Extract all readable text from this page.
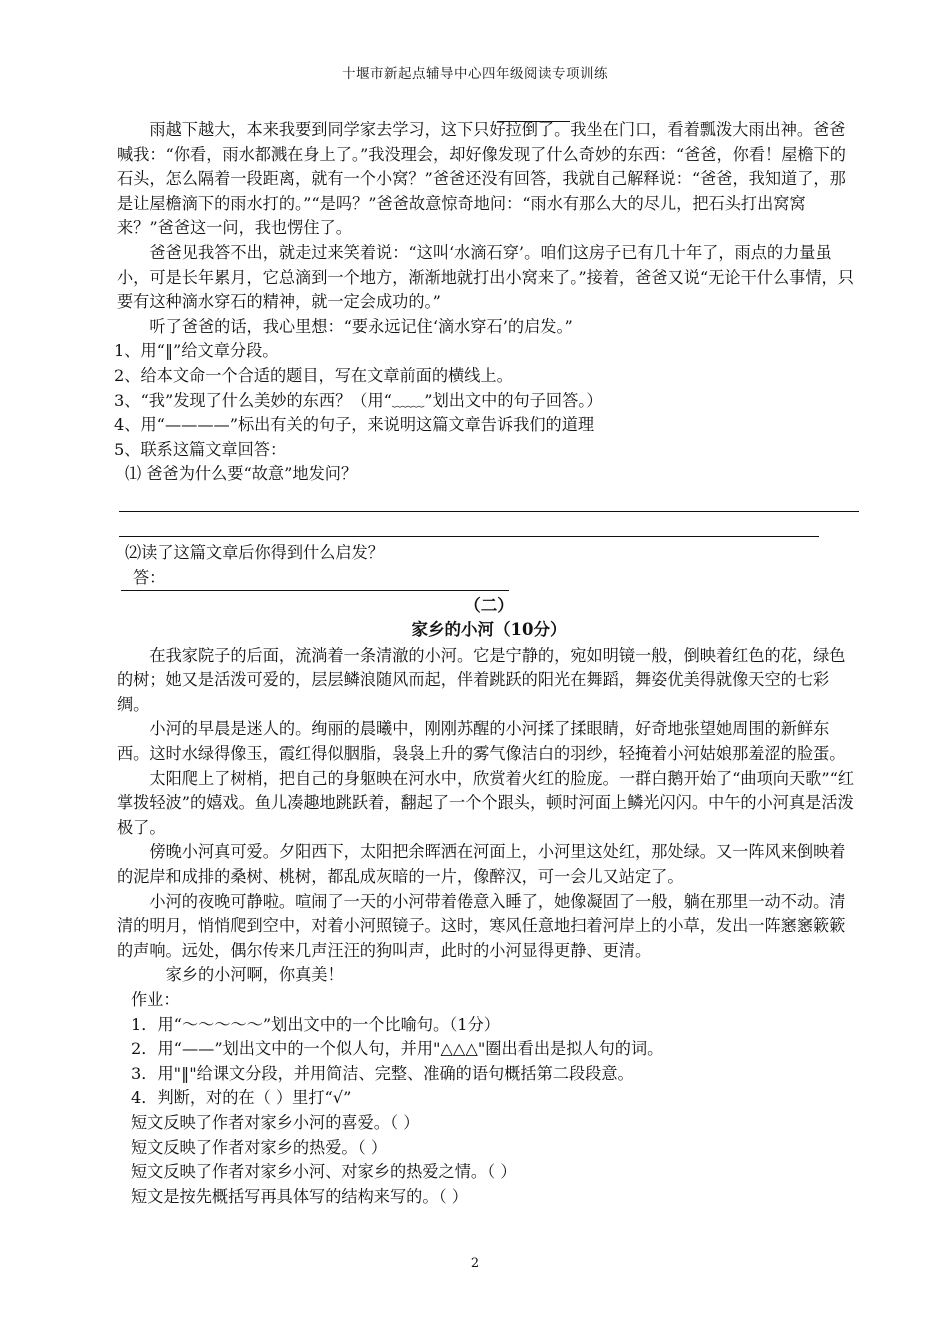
十堰市新起点辅导中心四年级阅读专项训练

雨越下越大，本来我要到同学家去学习，这下只好拉倒了。我坐在门口，看着瓢泼大雨出神。爸爸喊我：“你看，雨水都溅在身上了。”我没理会，却好像发现了什么奇妙的东西：“爸爸，你看！屋檐下的石头，怎么隔着一段距离，就有一个小窝？”爸爸还没有回答，我就自己解释说：“爸爸，我知道了，那是让屋檐滴下的雨水打的。”“是吗？”爸爸故意惊奇地问：“雨水有那么大的尽儿，把石头打出窝窝来？”爸爸这一问，我也愣住了。

爸爸见我答不出，就走过来笑着说：“这叫‘水滴石穿’。咱们这房子已有几十年了，雨点的力量虽小，可是长年累月，它总滴到一个地方，渐渐地就打出小窝来了。”接着，爸爸又说“无论干什么事情，只要有这种滴水穿石的精神，就一定会成功的。”

听了爸爸的话，我心里想：“要永远记住‘滴水穿石’的启发。”

1、用“‖”给文章分段。

2、给本文命一个合适的题目，写在文章前面的横线上。

3、“我”发现了什么美妙的东西？（用“﹏﹏”划出文中的句子回答。）

4、用“————”标出有关的句子，来说明这篇文章告诉我们的道理

5、联系这篇文章回答：

⑴ 爸爸为什么要“故意”地发问？

⑵读了这篇文章后你得到什么启发？

答：

（二）

家乡的小河（10分）

在我家院子的后面，流淌着一条清澈的小河。它是宁静的，宛如明镜一般，倒映着红色的花，绿色的树；她又是活泼可爱的，层层鳞浪随风而起，伴着跳跃的阳光在舞蹈，舞姿优美得就像天空的七彩绸。

小河的早晨是迷人的。绚丽的晨曦中，刚刚苏醒的小河揉了揉眼睛，好奇地张望她周围的新鲜东西。这时水绿得像玉，霞红得似胭脂，袅袅上升的雾气像洁白的羽纱，轻掩着小河姑娘那羞涩的脸蛋。

太阳爬上了树梢，把自己的身躯映在河水中，欣赏着火红的脸庞。一群白鹅开始了“曲项向天歌”“红掌拨轻波”的嬉戏。鱼儿凑趣地跳跃着，翻起了一个个跟头，顿时河面上鳞光闪闪。中午的小河真是活泼极了。

傍晚小河真可爱。夕阳西下，太阳把余晖洒在河面上，小河里这处红，那处绿。又一阵风来倒映着的泥岸和成排的桑树、桃树，都乱成灰暗的一片，像醉汉，可一会儿又站定了。

小河的夜晚可静啦。喧闹了一天的小河带着倦意入睡了，她像凝固了一般，躺在那里一动不动。清清的明月，悄悄爬到空中，对着小河照镜子。这时，寒风任意地扫着河岸上的小草，发出一阵窸窸簌簌的声响。远处，偶尔传来几声汪汪的狗叫声，此时的小河显得更静、更清。

家乡的小河啊，你真美！

作业：

1．用“～～～～～”划出文中的一个比喻句。（1分）

2．用“——”划出文中的一个似人句，并用"△△△"圈出看出是拟人句的词。

3．用"‖"给课文分段，并用简洁、完整、准确的语句概括第二段段意。

4．判断，对的在（ ）里打“√”

短文反映了作者对家乡小河的喜爱。（ ）

短文反映了作者对家乡的热爱。（ ）

短文反映了作者对家乡小河、对家乡的热爱之情。（ ）

短文是按先概括写再具体写的结构来写的。（ ）

2
